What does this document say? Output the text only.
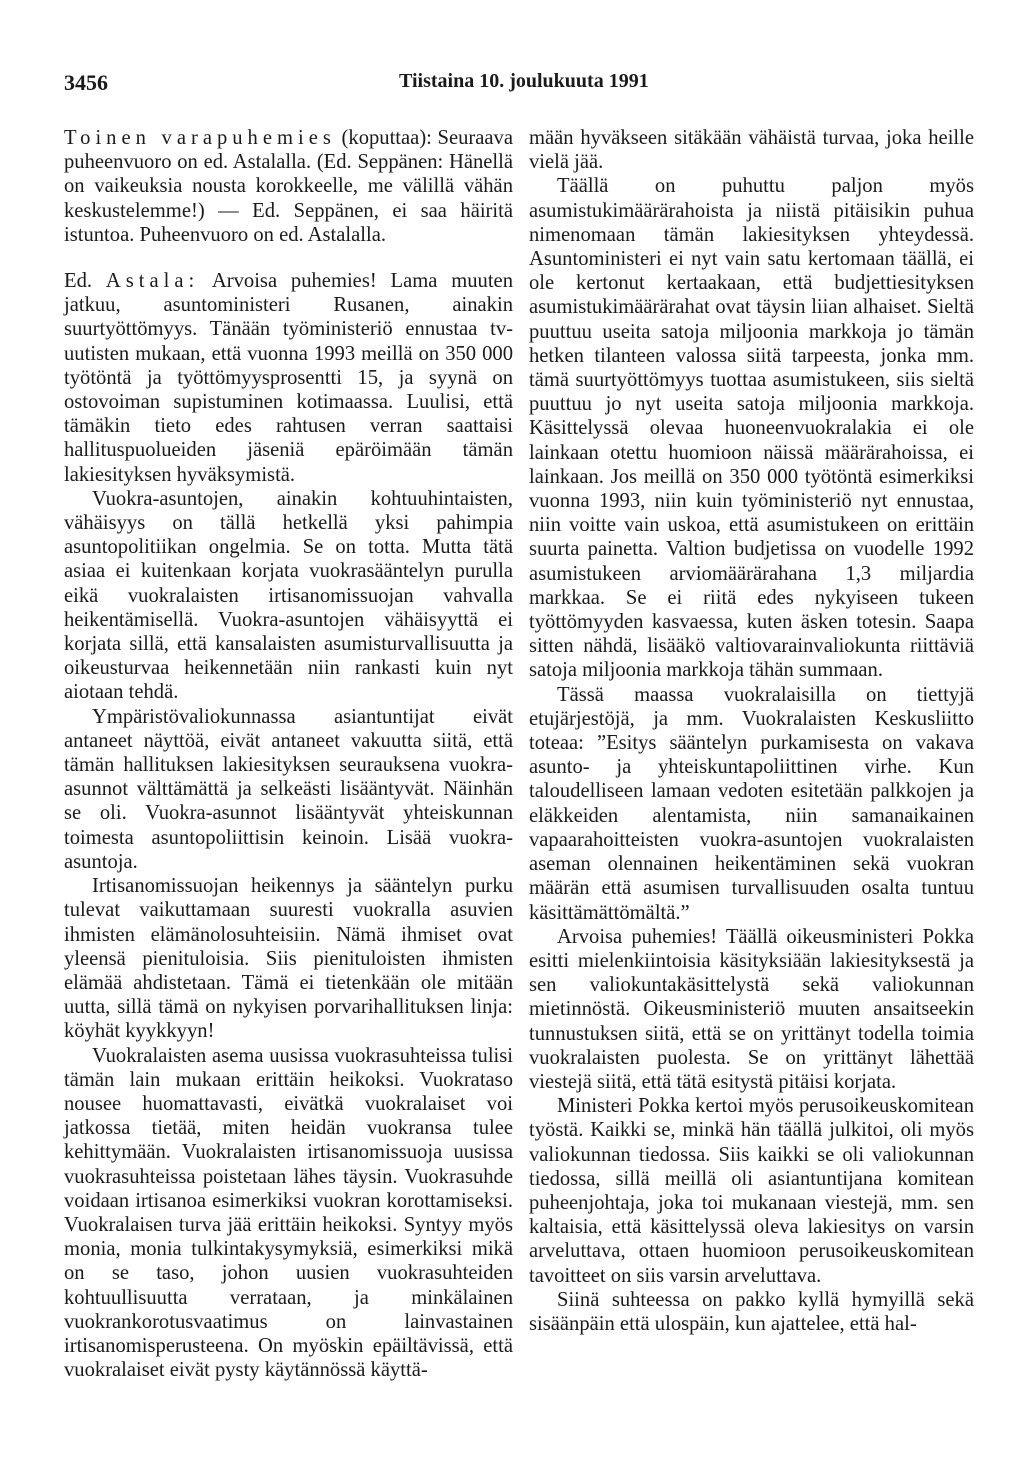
3456	Tiistaina 10. joulukuuta 1991

Toinen varapuhemies (koputtaa): Seuraava puheenvuoro on ed. Astalalla. (Ed. Seppänen: Hänellä on vaikeuksia nousta korokkeelle, me välillä vähän keskustelemme!) — Ed. Seppänen, ei saa häiritä istuntoa. Puheenvuoro on ed. Astalalla.

Ed. Astala: Arvoisa puhemies! Lama muuten jatkuu, asuntoministeri Rusanen, ainakin suurtyöttömyys. Tänään työministeriö ennustaa tv-uutisten mukaan, että vuonna 1993 meillä on 350 000 työtöntä ja työttömyysprosentti 15, ja syynä on ostovoiman supistuminen kotimaassa. Luulisi, että tämäkin tieto edes rahtusen verran saattaisi hallituspuolueiden jäseniä epäröimään tämän lakiesityksen hyväksymistä.

Vuokra-asuntojen, ainakin kohtuuhintaisten, vähäisyys on tällä hetkellä yksi pahimpia asuntopolitiikan ongelmia. Se on totta. Mutta tätä asiaa ei kuitenkaan korjata vuokrasääntelyn purulla eikä vuokralaisten irtisanomissuojan vahvalla heikentämisellä. Vuokra-asuntojen vähäisyyttä ei korjata sillä, että kansalaisten asumisturvallisuutta ja oikeusturvaa heikennetään niin rankasti kuin nyt aiotaan tehdä.

Ympäristövaliokunnassa asiantuntijat eivät antaneet näyttöä, eivät antaneet vakuutta siitä, että tämän hallituksen lakiesityksen seurauksena vuokra-asunnot välttämättä ja selkeästi lisääntyvät. Näinhän se oli. Vuokra-asunnot lisääntyvät yhteiskunnan toimesta asuntopoliittisin keinoin. Lisää vuokra-asuntoja.

Irtisanomissuojan heikennys ja sääntelyn purku tulevat vaikuttamaan suuresti vuokralla asuvien ihmisten elämänolosuhteisiin. Nämä ihmiset ovat yleensä pienituloisia. Siis pienituloisten ihmisten elämää ahdistetaan. Tämä ei tietenkään ole mitään uutta, sillä tämä on nykyisen porvarihallituksen linja: köyhät kyykkyyn!

Vuokralaisten asema uusissa vuokrasuhteissa tulisi tämän lain mukaan erittäin heikoksi. Vuokrataso nousee huomattavasti, eivätkä vuokralaiset voi jatkossa tietää, miten heidän vuokransa tulee kehittymään. Vuokralaisten irtisanomissuoja uusissa vuokrasuhteissa poistetaan lähes täysin. Vuokrasuhde voidaan irtisanoa esimerkiksi vuokran korottamiseksi. Vuokralaisen turva jää erittäin heikoksi. Syntyy myös monia, monia tulkintakysymyksiä, esimerkiksi mikä on se taso, johon uusien vuokrasuhteiden kohtuullisuutta verrataan, ja minkälainen vuokrankorotusvaatimus on lainvastainen irtisanomisperusteena. On myöskin epäiltävissä, että vuokralaiset eivät pysty käytännössä käyttä-

mään hyväkseen sitäkään vähäistä turvaa, joka heille vielä jää.

Täällä on puhuttu paljon myös asumistukimäärärahoista ja niistä pitäisikin puhua nimenomaan tämän lakiesityksen yhteydessä. Asuntoministeri ei nyt vain satu kertomaan täällä, ei ole kertonut kertaakaan, että budjettiesityksen asumistukimäärärahat ovat täysin liian alhaiset. Sieltä puuttuu useita satoja miljoonia markkoja jo tämän hetken tilanteen valossa siitä tarpeesta, jonka mm. tämä suurtyöttömyys tuottaa asumistukeen, siis sieltä puuttuu jo nyt useita satoja miljoonia markkoja. Käsittelyssä olevaa huoneenvuokralakia ei ole lainkaan otettu huomioon näissä määrärahoissa, ei lainkaan. Jos meillä on 350 000 työtöntä esimerkiksi vuonna 1993, niin kuin työministeriö nyt ennustaa, niin voitte vain uskoa, että asumistukeen on erittäin suurta painetta. Valtion budjetissa on vuodelle 1992 asumistukeen arviomäärärahana 1,3 miljardia markkaa. Se ei riitä edes nykyiseen tukeen työttömyyden kasvaessa, kuten äsken totesin. Saapa sitten nähdä, lisääkö valtiovarainvaliokunta riittäviä satoja miljoonia markkoja tähän summaan.

Tässä maassa vuokralaisilla on tiettyjä etujärjestöjä, ja mm. Vuokralaisten Keskusliitto toteaa: ”Esitys sääntelyn purkamisesta on vakava asunto- ja yhteiskuntapoliittinen virhe. Kun taloudelliseen lamaan vedoten esitetään palkkojen ja eläkkeiden alentamista, niin samanaikainen vapaarahoitteisten vuokra-asuntojen vuokralaisten aseman olennainen heikentäminen sekä vuokran määrän että asumisen turvallisuuden osalta tuntuu käsittämättömältä.”

Arvoisa puhemies! Täällä oikeusministeri Pokka esitti mielenkiintoisia käsityksiään lakiesityksestä ja sen valiokuntakäsittelystä sekä valiokunnan mietinnöstä. Oikeusministeriö muuten ansaitseekin tunnustuksen siitä, että se on yrittänyt todella toimia vuokralaisten puolesta. Se on yrittänyt lähettää viestejä siitä, että tätä esitystä pitäisi korjata.

Ministeri Pokka kertoi myös perusoikeuskomitean työstä. Kaikki se, minkä hän täällä julkitoi, oli myös valiokunnan tiedossa. Siis kaikki se oli valiokunnan tiedossa, sillä meillä oli asiantuntijana komitean puheenjohtaja, joka toi mukanaan viestejä, mm. sen kaltaisia, että käsittelyssä oleva lakiesitys on varsin arveluttava, ottaen huomioon perusoikeuskomitean tavoitteet on siis varsin arveluttava.

Siinä suhteessa on pakko kyllä hymyillä sekä sisäänpäin että ulospäin, kun ajattelee, että hal-
